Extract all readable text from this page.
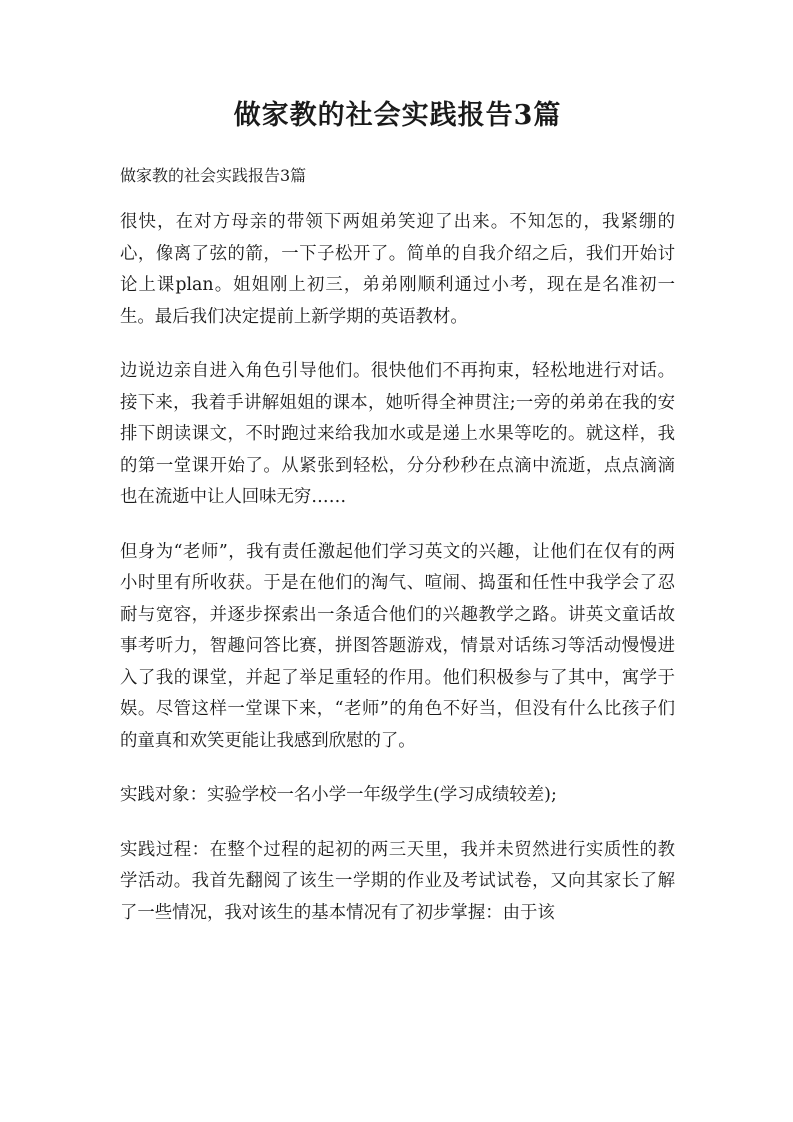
做家教的社会实践报告3篇

做家教的社会实践报告3篇

很快，在对方母亲的带领下两姐弟笑迎了出来。不知怎的，我紧绷的心，像离了弦的箭，一下子松开了。简单的自我介绍之后，我们开始讨论上课plan。姐姐刚上初三，弟弟刚顺利通过小考，现在是名准初一生。最后我们决定提前上新学期的英语教材。

边说边亲自进入角色引导他们。很快他们不再拘束，轻松地进行对话。接下来，我着手讲解姐姐的课本，她听得全神贯注;一旁的弟弟在我的安排下朗读课文，不时跑过来给我加水或是递上水果等吃的。就这样，我的第一堂课开始了。从紧张到轻松，分分秒秒在点滴中流逝，点点滴滴也在流逝中让人回味无穷……

但身为“老师”，我有责任激起他们学习英文的兴趣，让他们在仅有的两小时里有所收获。于是在他们的淘气、喧闹、捣蛋和任性中我学会了忍耐与宽容，并逐步探索出一条适合他们的兴趣教学之路。讲英文童话故事考听力，智趣问答比赛，拼图答题游戏，情景对话练习等活动慢慢进入了我的课堂，并起了举足重轻的作用。他们积极参与了其中，寓学于娱。尽管这样一堂课下来，“老师”的角色不好当，但没有什么比孩子们的童真和欢笑更能让我感到欣慰的了。

实践对象：实验学校一名小学一年级学生(学习成绩较差);

实践过程：在整个过程的起初的两三天里，我并未贸然进行实质性的教学活动。我首先翻阅了该生一学期的作业及考试试卷，又向其家长了解了一些情况，我对该生的基本情况有了初步掌握：由于该
